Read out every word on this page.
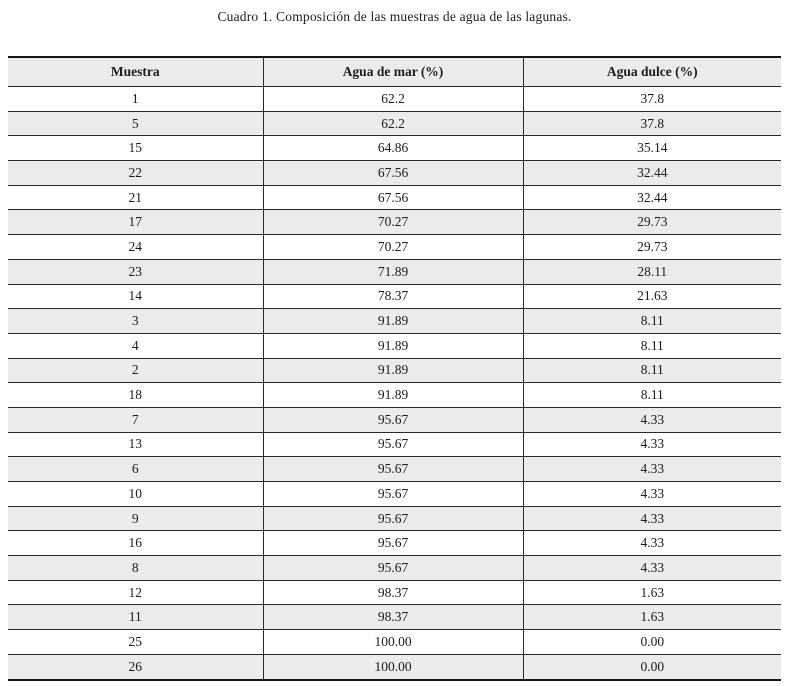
Cuadro 1. Composición de las muestras de agua de las lagunas.
Muestra	Agua de mar (%)	Agua dulce (%)
1	62.2	37.8
5	62.2	37.8
15	64.86	35.14
22	67.56	32.44
21	67.56	32.44
17	70.27	29.73
24	70.27	29.73
23	71.89	28.11
14	78.37	21.63
3	91.89	8.11
4	91.89	8.11
2	91.89	8.11
18	91.89	8.11
7	95.67	4.33
13	95.67	4.33
6	95.67	4.33
10	95.67	4.33
9	95.67	4.33
16	95.67	4.33
8	95.67	4.33
12	98.37	1.63
11	98.37	1.63
25	100.00	0.00
26	100.00	0.00
